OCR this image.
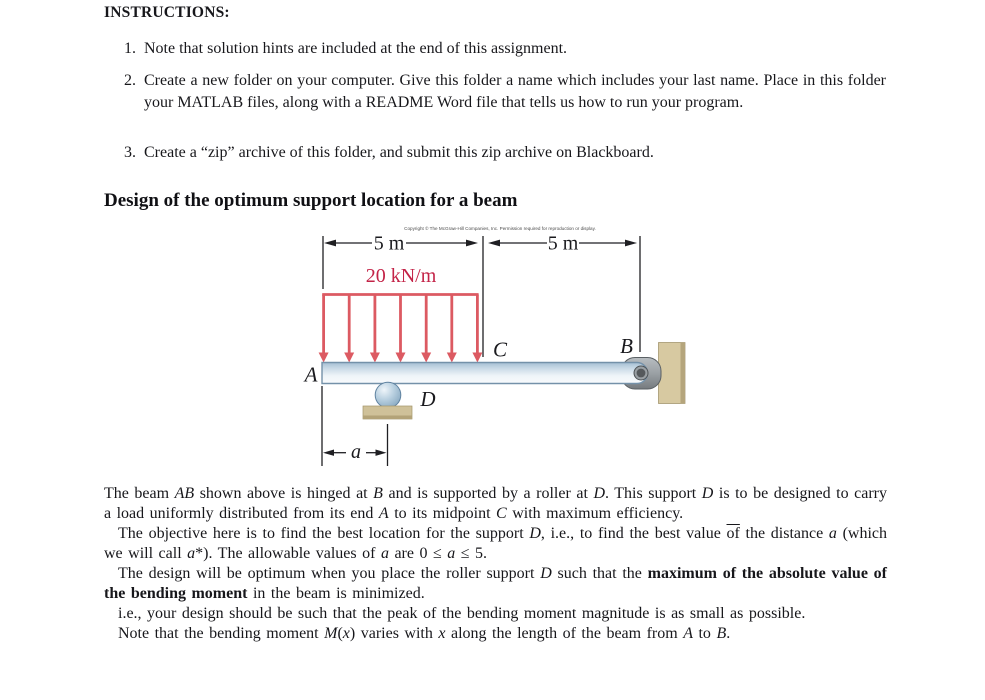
INSTRUCTIONS:
1. Note that solution hints are included at the end of this assignment.
2. Create a new folder on your computer. Give this folder a name which includes your last name. Place in this folder your MATLAB files, along with a README Word file that tells us how to run your program.
3. Create a “zip” archive of this folder, and submit this zip archive on Blackboard.
Design of the optimum support location for a beam
Copyright © The McGraw-Hill Companies, Inc. Permission required for reproduction or display.
5 m	5 m
20 kN/m
A
C	B
D
a

The beam AB shown above is hinged at B and is supported by a roller at D. This support D is to be designed to carry a load uniformly distributed from its end A to its midpoint C with maximum efficiency.

The objective here is to find the best location for the support D, i.e., to find the best value $\overline{of}$ the distance a (which we will call a*). The allowable values of a are 0 ≤ a ≤ 5.

The design will be optimum when you place the roller support D such that the maximum of the absolute value of the bending moment in the beam is minimized.

i.e., your design should be such that the peak of the bending moment magnitude is as small as possible.

Note that the bending moment M(x) varies with x along the length of the beam from A to B.
